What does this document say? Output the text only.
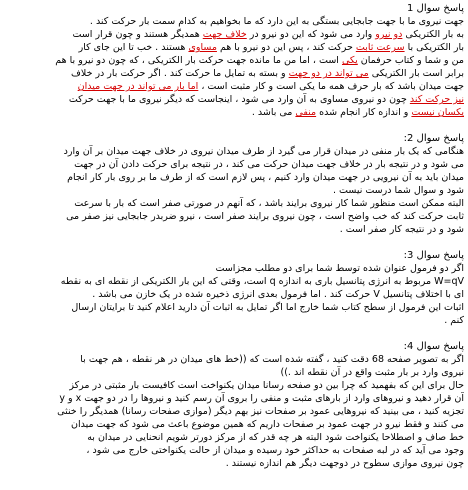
پاسخ سوال 1
جهت نیروی ما با جهت جابجایی بستگی به این دارد که ما بخواهیم به کدام سمت بار حرکت کند .
به بار الکتریکی دو نیرو وارد می شود که این دو نیرو در خلاف جهت همدیگر هستند و چون قرار است
بار الکتریکی با سرعت ثابت حرکت کند ، پس این دو نیرو با هم مساوی هستند . خب تا این جای کار
من و شما و کتاب حرفمان یکی است ، اما من ما مانده جهت حرکت بار الکتریکی ، که چون دو نیرو با هم
برابر است بار الکتریکی می تواند در دو جهت و بسته به تمایل ما حرکت کند . اگر حرکت بار در خلاف
جهت میدان باشد که بار حرف همه ما یکی است و کار مثبت است ، اما بار می تواند در جهت میدان
نیز حرکت کند چون دو نیروی مساوی به آن وارد می شود ، اینجاست که دیگر نیروی ما با جهت حرکت
یکسان نیست و اندازه کار انجام شده منفی می باشد .
پاسخ سوال 2:
هنگامی که یک بار منفی در میدان قرار می گیرد از طرف میدان نیروی در خلاف جهت میدان بر آن وارد
می شود و در نتیجه بار در خلاف جهت میدان حرکت می کند ، در نتیجه برای حرکت دادن آن در جهت
میدان باید به آن نیرویی در جهت میدان وارد کنیم ، پس لازم است که از طرف ما بر روی بار کار انجام
شود و سوال شما درست نیست .
البته ممکن است منظور شما کار نیروی برایند باشد ، که آنهم در صورتی صفر است که بار با سرعت
ثابت حرکت کند که خب واضح است ، چون نیروی برایند صفر است ، نیرو ضربدر جابجایی نیز صفر می
شود و در نتیجه کار صفر است .
پاسخ سوال 3:
اگر دو فرمول عنوان شده توسط شما برای دو مطلب مجزاست
W=qV مربوط به انرژی پتانسیل باری به اندازه q است، وقتی که این بار الکتریکی از نقطه ای به نقطه
ای با اختلاف پتانسیل V حرکت کند . اما فرمول بعدی انرژی ذخیره شده در یک خازن می باشد .
اثبات این فرمول از سطح کتاب شما خارج اما اگر تمایل به اثبات آن دارید اعلام کنید تا برایتان ارسال
کنم .
پاسخ سوال 4:
اگر به تصویر صفحه 68 دقت کنید ، گفته شده است که ((خط های میدان در هر نقطه ، هم جهت با
نیروی وارد بر بار مثبت واقع در آن نقطه اند .))
حال برای این که بفهمید که چرا بین دو صفحه رسانا میدان یکنواخت است کافیست بار مثبتی در مرکز
آن قرار دهید و نیروهای وارد از بارهای مثبت و منفی را بروی آن رسم کنید و نیروها را در دو جهت x و y
تجزیه کنید ، می بینید که نیروهایی عمود بر صفحات نیز بهم دیگر (موازی صفحات رسانا) همدیگر را خنثی
می کنند و فقط نیرو در جهت عمود بر صفحات داریم که همین موضوع باعث می شود که جهت میدان
خط صاف و اصطلاحا یکنواخت شود البته هر چه قدر که از مرکز دورتر شویم انحنایی در میدان به
وجود می آید که در لبه صفحات به حداکثر خود رسیده و میدان از حالت یکنواختی خارج می شود ،
چون نیروی موازی سطوح در دوجهت دیگر هم اندازه نیستند .
